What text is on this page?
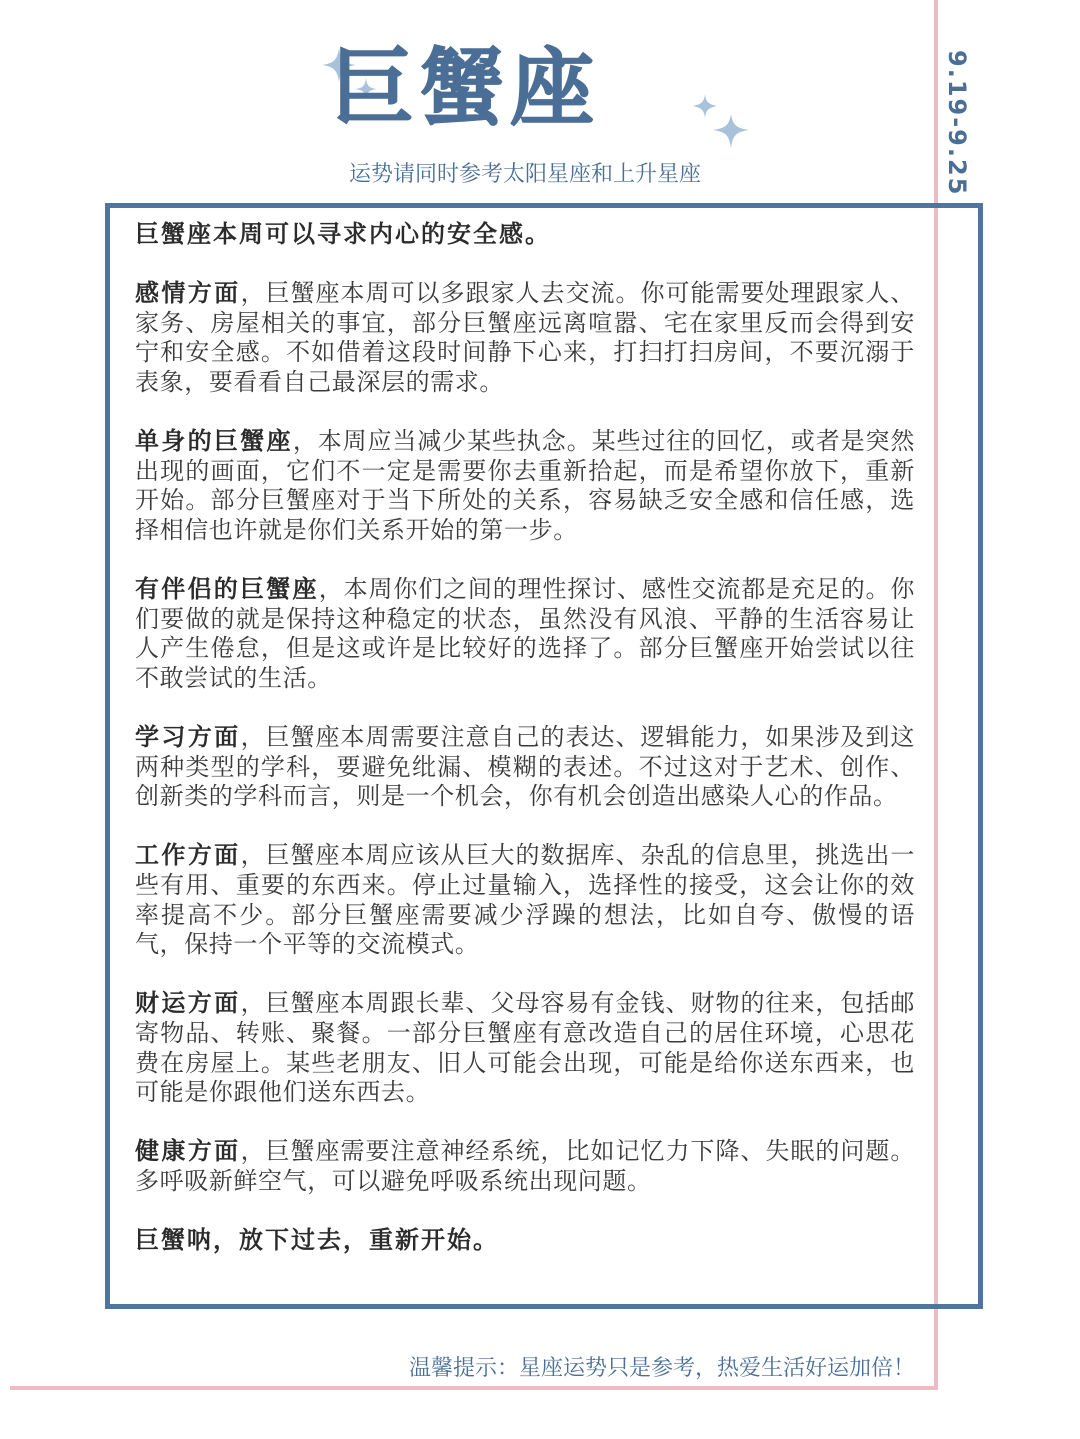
9.19-9.25
巨蟹座
运势请同时参考太阳星座和上升星座

巨蟹座本周可以寻求内心的安全感。

感情方面，巨蟹座本周可以多跟家人去交流。你可能需要处理跟家人、家务、房屋相关的事宜，部分巨蟹座远离喧嚣、宅在家里反而会得到安宁和安全感。不如借着这段时间静下心来，打扫打扫房间，不要沉溺于表象，要看看自己最深层的需求。

单身的巨蟹座，本周应当减少某些执念。某些过往的回忆，或者是突然出现的画面，它们不一定是需要你去重新拾起，而是希望你放下，重新开始。部分巨蟹座对于当下所处的关系，容易缺乏安全感和信任感，选择相信也许就是你们关系开始的第一步。

有伴侣的巨蟹座，本周你们之间的理性探讨、感性交流都是充足的。你们要做的就是保持这种稳定的状态，虽然没有风浪、平静的生活容易让人产生倦怠，但是这或许是比较好的选择了。部分巨蟹座开始尝试以往不敢尝试的生活。

学习方面，巨蟹座本周需要注意自己的表达、逻辑能力，如果涉及到这两种类型的学科，要避免纰漏、模糊的表述。不过这对于艺术、创作、创新类的学科而言，则是一个机会，你有机会创造出感染人心的作品。

工作方面，巨蟹座本周应该从巨大的数据库、杂乱的信息里，挑选出一些有用、重要的东西来。停止过量输入，选择性的接受，这会让你的效率提高不少。部分巨蟹座需要减少浮躁的想法，比如自夸、傲慢的语气，保持一个平等的交流模式。

财运方面，巨蟹座本周跟长辈、父母容易有金钱、财物的往来，包括邮寄物品、转账、聚餐。一部分巨蟹座有意改造自己的居住环境，心思花费在房屋上。某些老朋友、旧人可能会出现，可能是给你送东西来，也可能是你跟他们送东西去。

健康方面，巨蟹座需要注意神经系统，比如记忆力下降、失眠的问题。多呼吸新鲜空气，可以避免呼吸系统出现问题。

巨蟹呐，放下过去，重新开始。

温馨提示：星座运势只是参考，热爱生活好运加倍！
